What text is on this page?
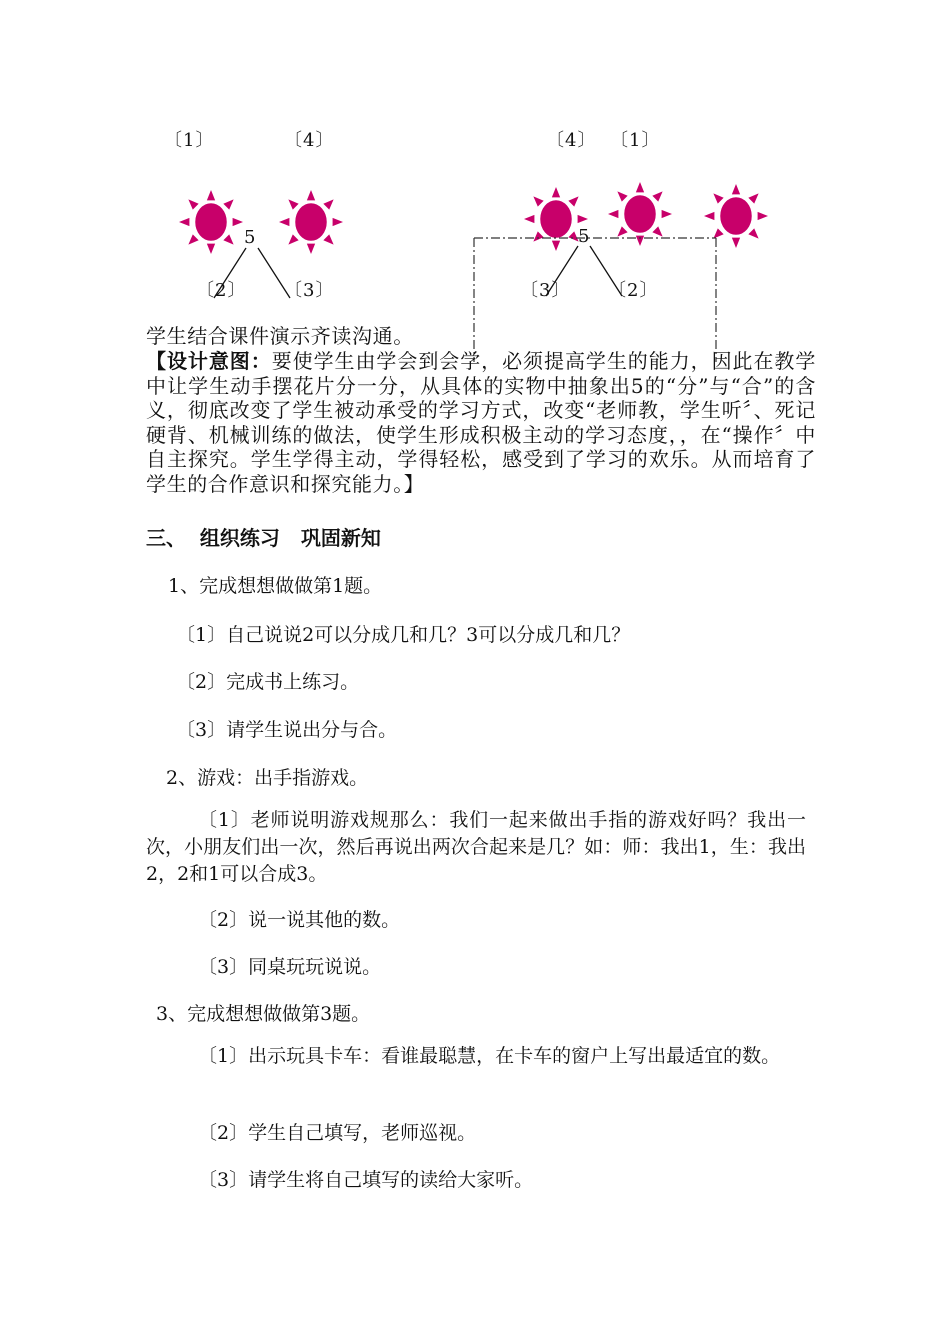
〔1〕	〔4〕	〔4〕 〔1〕
5	5
〔2〕 〔3〕	〔3〕 〔2〕
学生结合课件演示齐读沟通。
【设计意图：要使学生由学会到会学，必须提高学生的能力，因此在教学中让学生动手摆花片分一分，从具体的实物中抽象出5的“分”与“合”的含义，彻底改变了学生被动承受的学习方式，改变“老师教，学生听〞、死记硬背、机械训练的做法，使学生形成积极主动的学习态度，，在“操作〞中自主探究。学生学得主动，学得轻松，感受到了学习的欢乐。从而培育了学生的合作意识和探究能力。】
三、  组织练习   巩固新知
1、完成想想做做第1题。
〔1〕自己说说2可以分成几和几？3可以分成几和几？
〔2〕完成书上练习。
〔3〕请学生说出分与合。
2、游戏：出手指游戏。
〔1〕老师说明游戏规那么：我们一起来做出手指的游戏好吗？我出一次，小朋友们出一次，然后再说出两次合起来是几？如：师：我出1，生：我出2，2和1可以合成3。
〔2〕说一说其他的数。
〔3〕同桌玩玩说说。
3、完成想想做做第3题。
〔1〕出示玩具卡车：看谁最聪慧，在卡车的窗户上写出最适宜的数。
〔2〕学生自己填写，老师巡视。
〔3〕请学生将自己填写的读给大家听。
